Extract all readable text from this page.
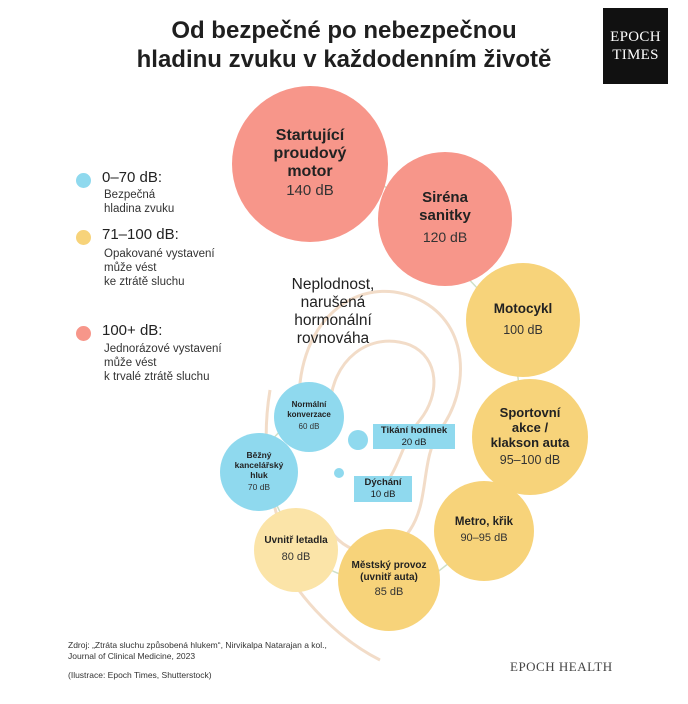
Od bezpečné po nebezpečnou
hladinu zvuku v každodenním životě
EPOCH
TIMES
0–70 dB:
Bezpečná
hladina zvuku
71–100 dB:
Opakované vystavení
může vést
ke ztrátě sluchu
100+ dB:
Jednorázové vystavení
může vést
k trvalé ztrátě sluchu
Neplodnost,
narušená
hormonální
rovnováha
Startující
proudový
motor
140 dB	Siréna
sanitky
120 dB
Motocykl
100 dB
Sportovní
akce /
klakson auta
95–100 dB
Metro, křik
90–95 dB
Městský provoz
(uvnitř auta)
85 dB
Uvnitř letadla
80 dB
Běžný
kancelářský
hluk
70 dB
Normální
konverzace
60 dB	Tikání hodinek
20 dB
Dýchání
10 dB
Zdroj: „Ztráta sluchu způsobená hlukem“, Nirvikalpa Natarajan a kol.,
Journal of Clinical Medicine, 2023
(Ilustrace: Epoch Times, Shutterstock)
EPOCH HEALTH
